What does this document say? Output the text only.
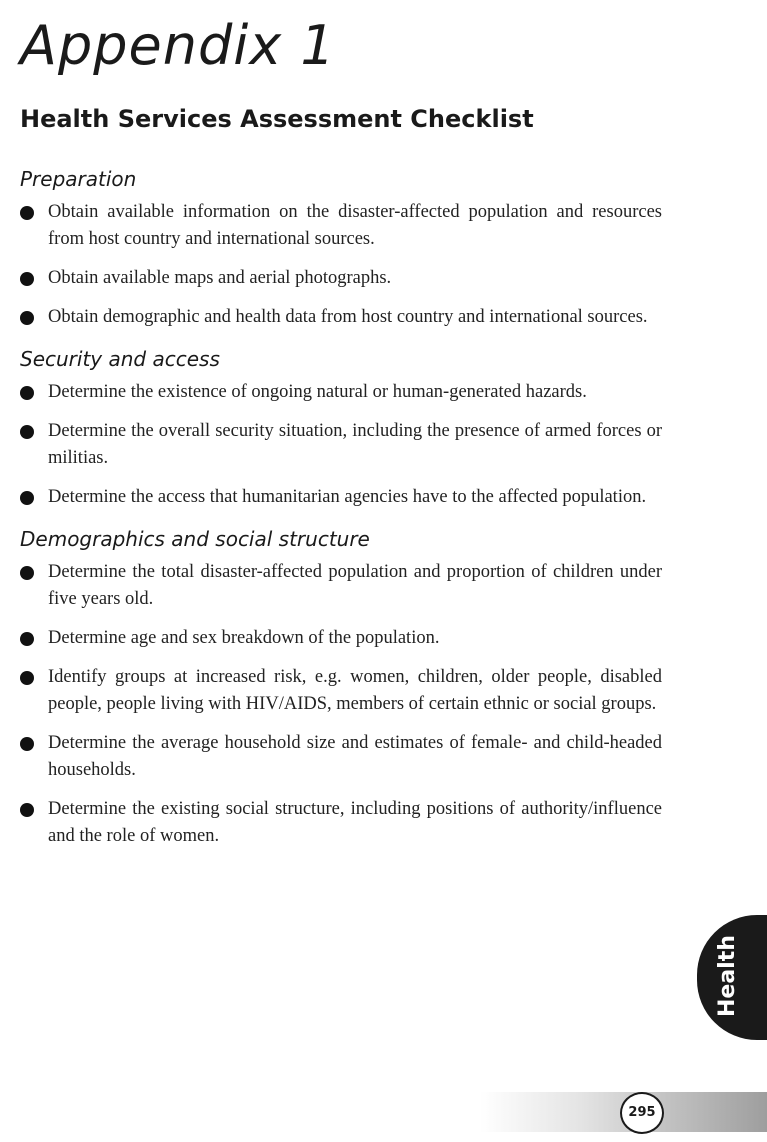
Appendix 1
Health Services Assessment Checklist
Preparation
Obtain available information on the disaster-affected population and resources from host country and international sources.
Obtain available maps and aerial photographs.
Obtain demographic and health data from host country and international sources.
Security and access
Determine the existence of ongoing natural or human-generated hazards.
Determine the overall security situation, including the presence of armed forces or militias.
Determine the access that humanitarian agencies have to the affected population.
Demographics and social structure
Determine the total disaster-affected population and proportion of children under five years old.
Determine age and sex breakdown of the population.
Identify groups at increased risk, e.g. women, children, older people, disabled people, people living with HIV/AIDS, members of certain ethnic or social groups.
Determine the average household size and estimates of female- and child-headed households.
Determine the existing social structure, including positions of authority/influence and the role of women.
Health
295
